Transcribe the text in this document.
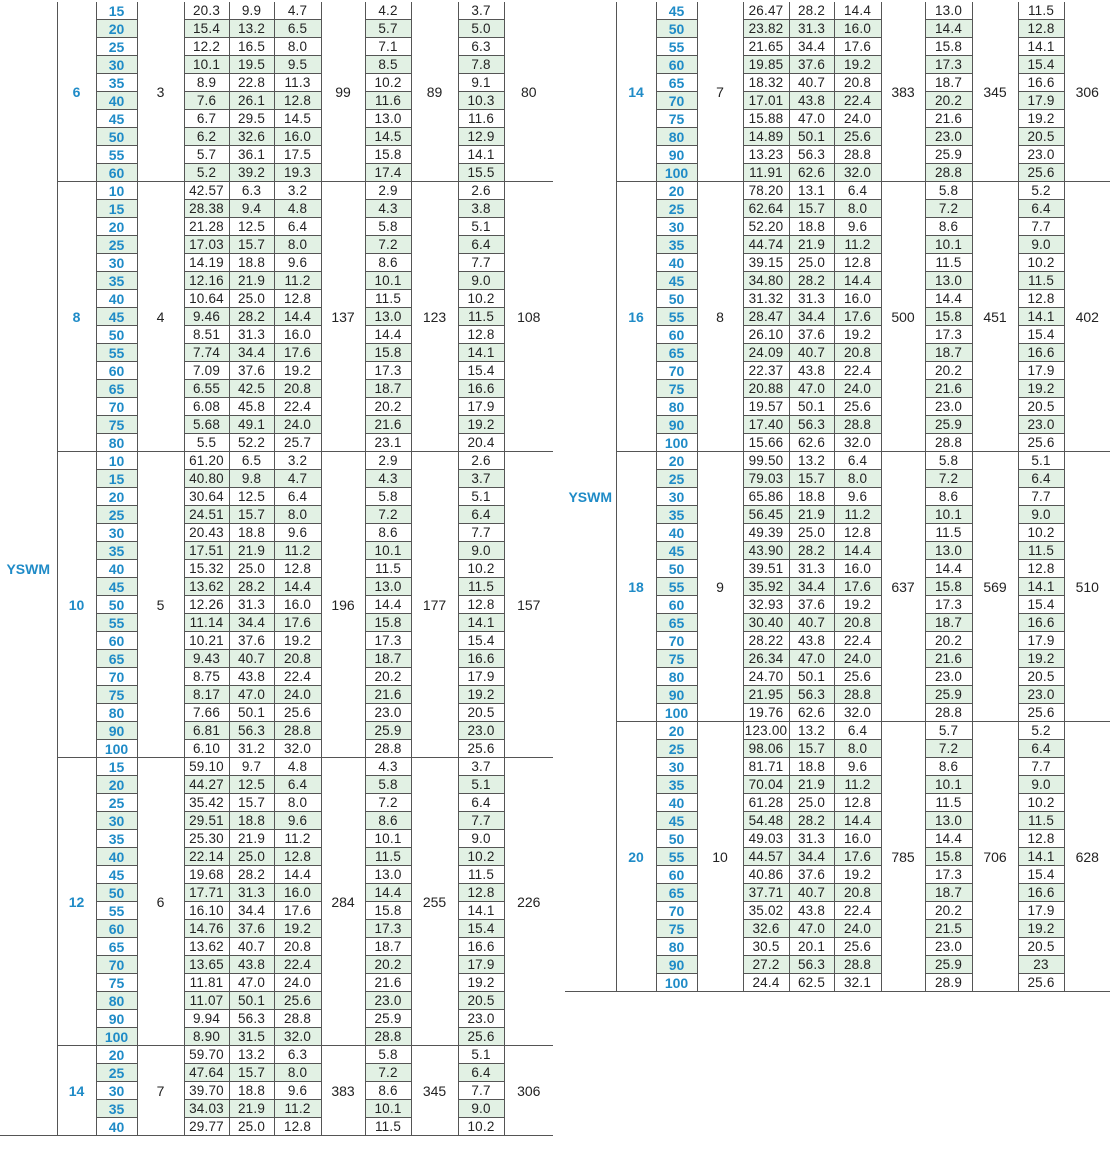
YSWM	6	15	3	20.3	9.9	4.7	99	4.2	89	3.7	80
		20		15.4	13.2	6.5		5.7		5.0	
		25		12.2	16.5	8.0		7.1		6.3	
		30		10.1	19.5	9.5		8.5		7.8	
		35		8.9	22.8	11.3		10.2		9.1	
		40		7.6	26.1	12.8		11.6		10.3	
		45		6.7	29.5	14.5		13.0		11.6	
		50		6.2	32.6	16.0		14.5		12.9	
		55		5.7	36.1	17.5		15.8		14.1	
		60		5.2	39.2	19.3		17.4		15.5	
	8	10	4	42.57	6.3	3.2	137	2.9	123	2.6	108
		15		28.38	9.4	4.8		4.3		3.8	
		20		21.28	12.5	6.4		5.8		5.1	
		25		17.03	15.7	8.0		7.2		6.4	
		30		14.19	18.8	9.6		8.6		7.7	
		35		12.16	21.9	11.2		10.1		9.0	
		40		10.64	25.0	12.8		11.5		10.2	
		45		9.46	28.2	14.4		13.0		11.5	
		50		8.51	31.3	16.0		14.4		12.8	
		55		7.74	34.4	17.6		15.8		14.1	
		60		7.09	37.6	19.2		17.3		15.4	
		65		6.55	42.5	20.8		18.7		16.6	
		70		6.08	45.8	22.4		20.2		17.9	
		75		5.68	49.1	24.0		21.6		19.2	
		80		5.5	52.2	25.7		23.1		20.4	
	10	10	5	61.20	6.5	3.2	196	2.9	177	2.6	157
		15		40.80	9.8	4.7		4.3		3.7	
		20		30.64	12.5	6.4		5.8		5.1	
		25		24.51	15.7	8.0		7.2		6.4	
		30		20.43	18.8	9.6		8.6		7.7	
		35		17.51	21.9	11.2		10.1		9.0	
		40		15.32	25.0	12.8		11.5		10.2	
		45		13.62	28.2	14.4		13.0		11.5	
		50		12.26	31.3	16.0		14.4		12.8	
		55		11.14	34.4	17.6		15.8		14.1	
		60		10.21	37.6	19.2		17.3		15.4	
		65		9.43	40.7	20.8		18.7		16.6	
		70		8.75	43.8	22.4		20.2		17.9	
		75		8.17	47.0	24.0		21.6		19.2	
		80		7.66	50.1	25.6		23.0		20.5	
		90		6.81	56.3	28.8		25.9		23.0	
		100		6.10	31.2	32.0		28.8		25.6	
	12	15	6	59.10	9.7	4.8	284	4.3	255	3.7	226
		20		44.27	12.5	6.4		5.8		5.1	
		25		35.42	15.7	8.0		7.2		6.4	
		30		29.51	18.8	9.6		8.6		7.7	
		35		25.30	21.9	11.2		10.1		9.0	
		40		22.14	25.0	12.8		11.5		10.2	
		45		19.68	28.2	14.4		13.0		11.5	
		50		17.71	31.3	16.0		14.4		12.8	
		55		16.10	34.4	17.6		15.8		14.1	
		60		14.76	37.6	19.2		17.3		15.4	
		65		13.62	40.7	20.8		18.7		16.6	
		70		13.65	43.8	22.4		20.2		17.9	
		75		11.81	47.0	24.0		21.6		19.2	
		80		11.07	50.1	25.6		23.0		20.5	
		90		9.94	56.3	28.8		25.9		23.0	
		100		8.90	31.5	32.0		28.8		25.6	
	14	20	7	59.70	13.2	6.3	383	5.8	345	5.1	306
		25		47.64	15.7	8.0		7.2		6.4	
		30		39.70	18.8	9.6		8.6		7.7	
		35		34.03	21.9	11.2		10.1		9.0	
		40		29.77	25.0	12.8		11.5		10.2	
YSWM	14	45	7	26.47	28.2	14.4	383	13.0	345	11.5	306
		50		23.82	31.3	16.0		14.4		12.8	
		55		21.65	34.4	17.6		15.8		14.1	
		60		19.85	37.6	19.2		17.3		15.4	
		65		18.32	40.7	20.8		18.7		16.6	
		70		17.01	43.8	22.4		20.2		17.9	
		75		15.88	47.0	24.0		21.6		19.2	
		80		14.89	50.1	25.6		23.0		20.5	
		90		13.23	56.3	28.8		25.9		23.0	
		100		11.91	62.6	32.0		28.8		25.6	
	16	20	8	78.20	13.1	6.4	500	5.8	451	5.2	402
		25		62.64	15.7	8.0		7.2		6.4	
		30		52.20	18.8	9.6		8.6		7.7	
		35		44.74	21.9	11.2		10.1		9.0	
		40		39.15	25.0	12.8		11.5		10.2	
		45		34.80	28.2	14.4		13.0		11.5	
		50		31.32	31.3	16.0		14.4		12.8	
		55		28.47	34.4	17.6		15.8		14.1	
		60		26.10	37.6	19.2		17.3		15.4	
		65		24.09	40.7	20.8		18.7		16.6	
		70		22.37	43.8	22.4		20.2		17.9	
		75		20.88	47.0	24.0		21.6		19.2	
		80		19.57	50.1	25.6		23.0		20.5	
		90		17.40	56.3	28.8		25.9		23.0	
		100		15.66	62.6	32.0		28.8		25.6	
	18	20	9	99.50	13.2	6.4	637	5.8	569	5.1	510
		25		79.03	15.7	8.0		7.2		6.4	
		30		65.86	18.8	9.6		8.6		7.7	
		35		56.45	21.9	11.2		10.1		9.0	
		40		49.39	25.0	12.8		11.5		10.2	
		45		43.90	28.2	14.4		13.0		11.5	
		50		39.51	31.3	16.0		14.4		12.8	
		55		35.92	34.4	17.6		15.8		14.1	
		60		32.93	37.6	19.2		17.3		15.4	
		65		30.40	40.7	20.8		18.7		16.6	
		70		28.22	43.8	22.4		20.2		17.9	
		75		26.34	47.0	24.0		21.6		19.2	
		80		24.70	50.1	25.6		23.0		20.5	
		90		21.95	56.3	28.8		25.9		23.0	
		100		19.76	62.6	32.0		28.8		25.6	
	20	20	10	123.00	13.2	6.4	785	5.7	706	5.2	628
		25		98.06	15.7	8.0		7.2		6.4	
		30		81.71	18.8	9.6		8.6		7.7	
		35		70.04	21.9	11.2		10.1		9.0	
		40		61.28	25.0	12.8		11.5		10.2	
		45		54.48	28.2	14.4		13.0		11.5	
		50		49.03	31.3	16.0		14.4		12.8	
		55		44.57	34.4	17.6		15.8		14.1	
		60		40.86	37.6	19.2		17.3		15.4	
		65		37.71	40.7	20.8		18.7		16.6	
		70		35.02	43.8	22.4		20.2		17.9	
		75		32.6	47.0	24.0		21.5		19.2	
		80		30.5	20.1	25.6		23.0		20.5	
		90		27.2	56.3	28.8		25.9		23	
		100		24.4	62.5	32.1		28.9		25.6	
